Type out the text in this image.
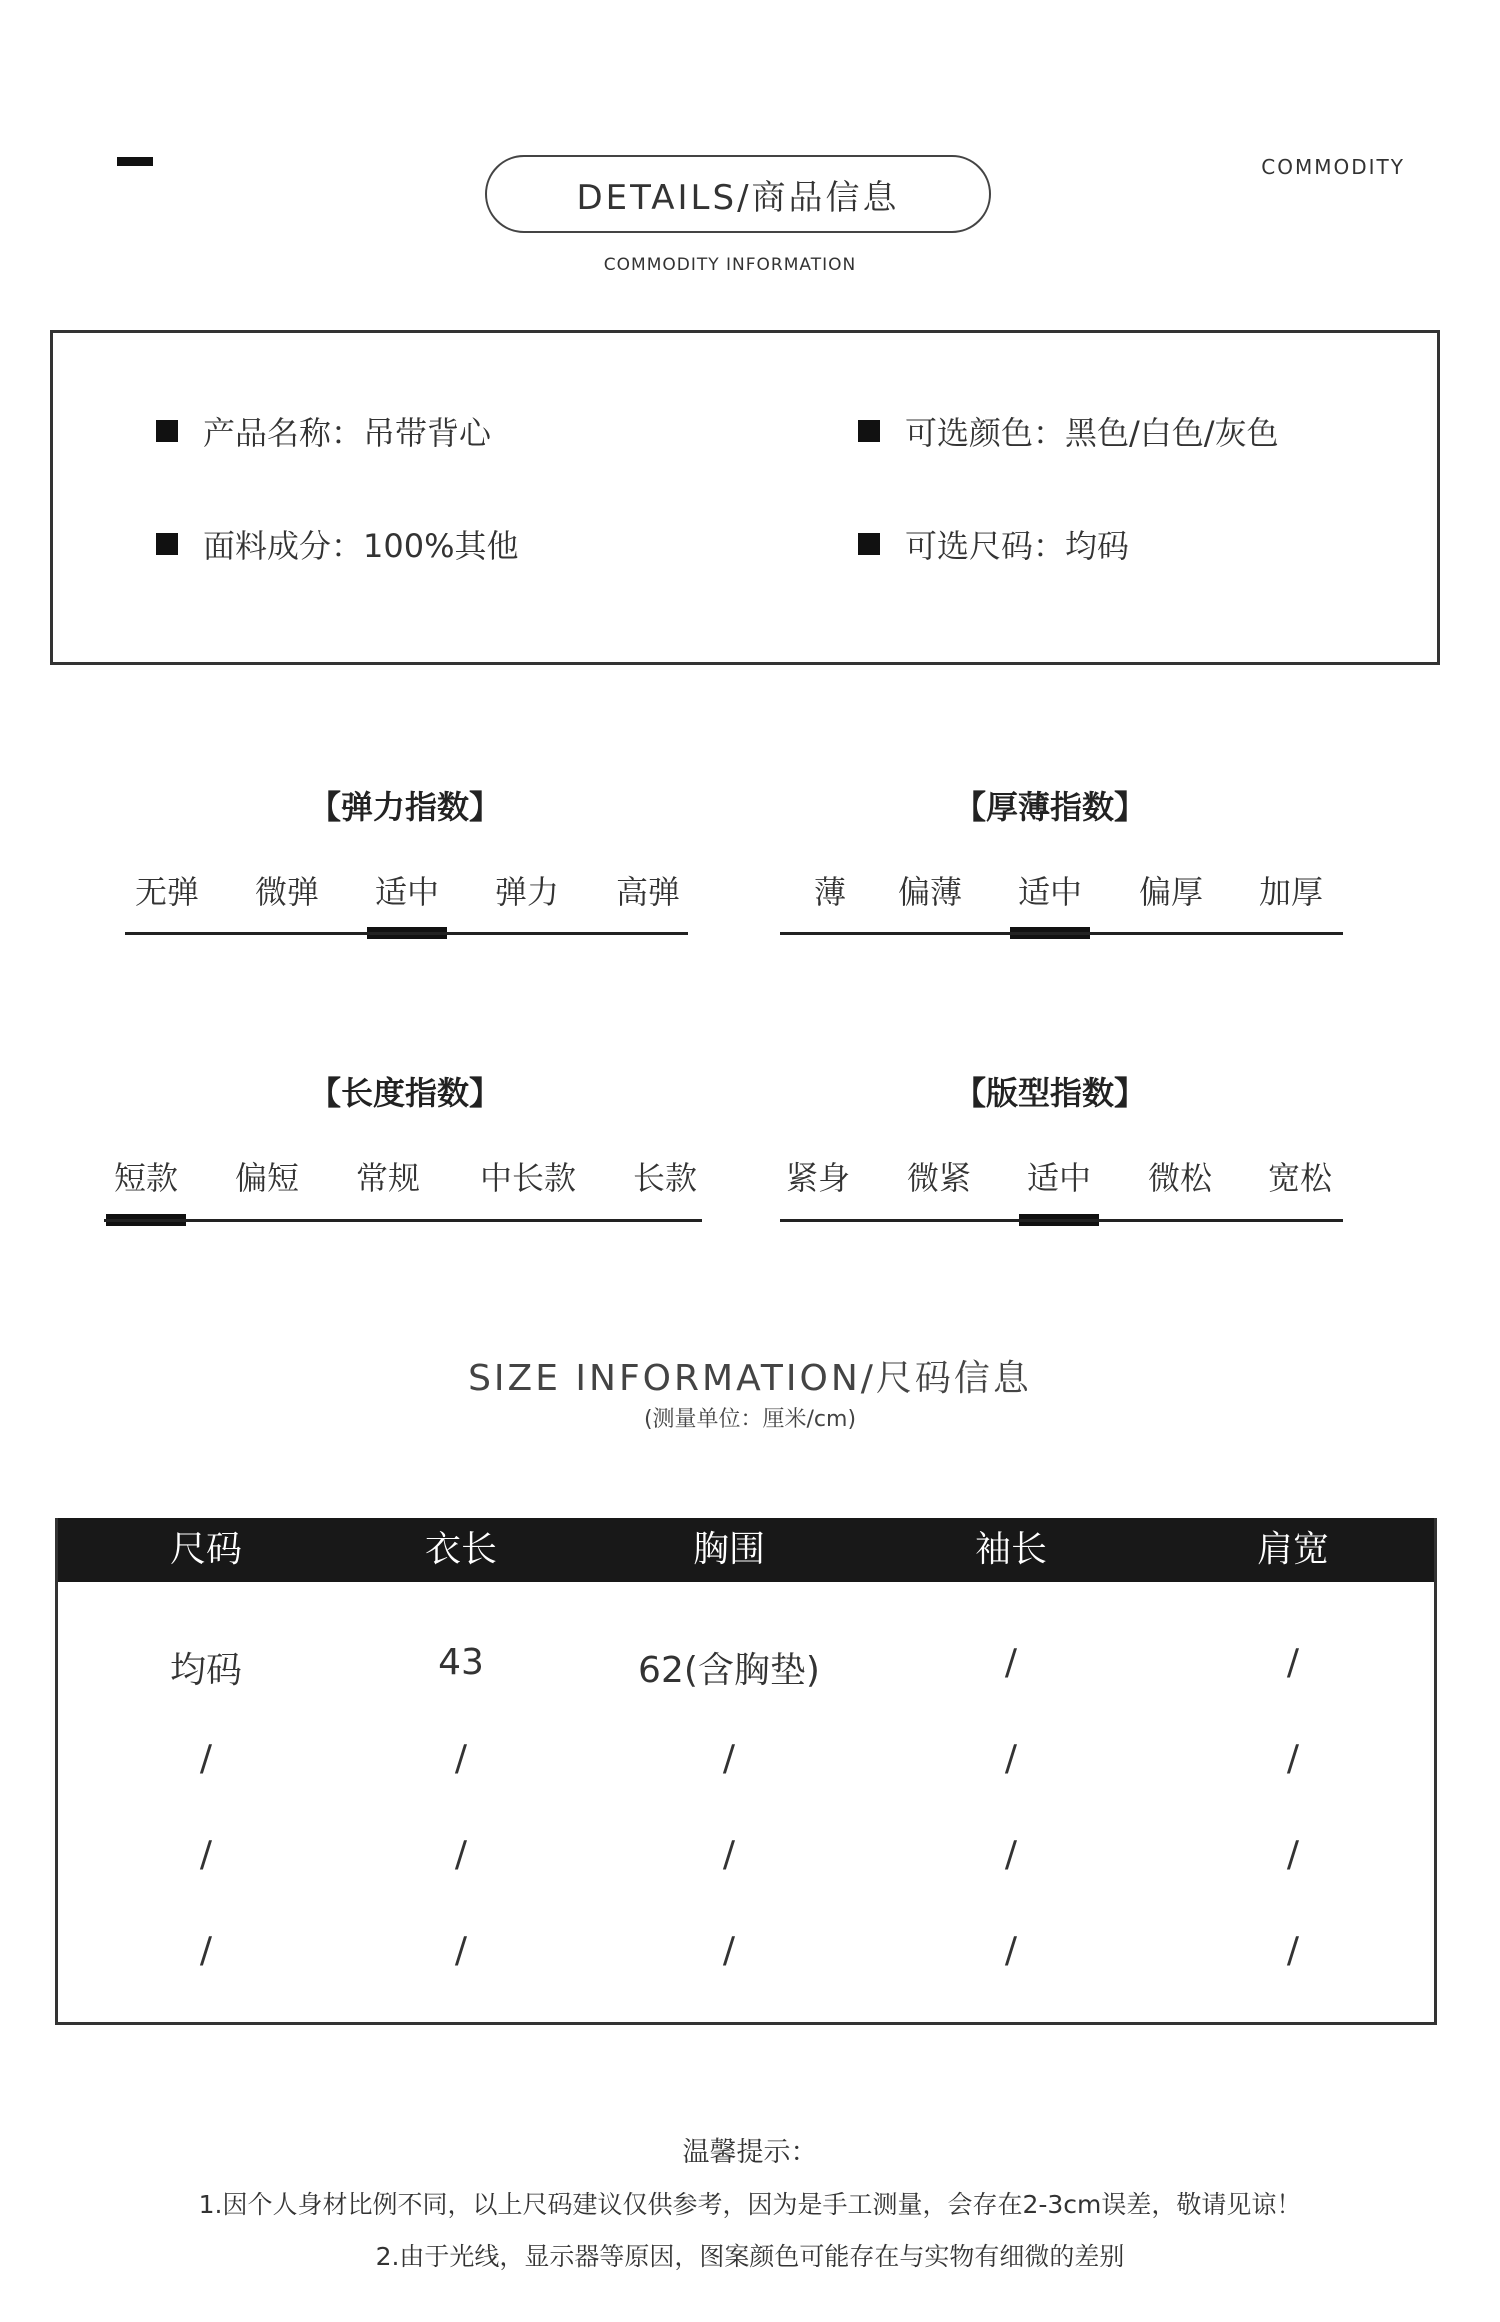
COMMODITY
DETAILS/商品信息
COMMODITY INFORMATION
产品名称：吊带背心
面料成分：100%其他
可选颜色：黑色/白色/灰色
可选尺码：均码
【弹力指数】
无弹	微弹	适中	弹力	高弹
【厚薄指数】
薄	偏薄	适中	偏厚	加厚
【长度指数】
短款	偏短	常规	中长款	长款
【版型指数】
紧身	微紧	适中	微松	宽松
SIZE INFORMATION/尺码信息
(测量单位：厘米/cm)
尺码	衣长	胸围	袖长	肩宽
均码	43	62(含胸垫)	/	/
/	/	/	/	/
/	/	/	/	/
/	/	/	/	/
温馨提示：
1.因个人身材比例不同，以上尺码建议仅供参考，因为是手工测量，会存在2-3cm误差，敬请见谅！
2.由于光线，显示器等原因，图案颜色可能存在与实物有细微的差别
